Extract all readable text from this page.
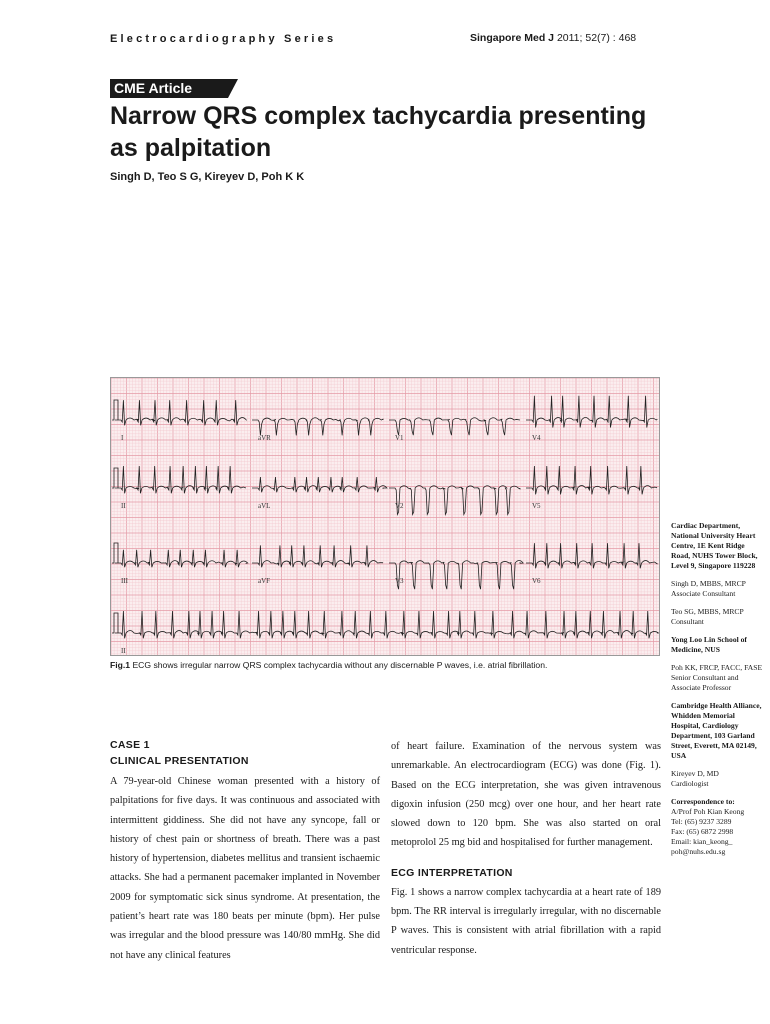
Electrocardiography Series	Singapore Med J 2011; 52(7) : 468
CME Article
Narrow QRS complex tachycardia presenting as palpitation
Singh D, Teo S G, Kireyev D, Poh K K
I	aVR	V1	V4
II	aVL	V2	V5
III	aVF	V3	V6
II
Fig.1 ECG shows irregular narrow QRS complex tachycardia without any discernable P waves, i.e. atrial fibrillation.

CASE 1

CLINICAL PRESENTATION

A 79-year-old Chinese woman presented with a history of palpitations for five days. It was continuous and associated with intermittent giddiness. She did not have any syncope, fall or history of chest pain or shortness of breath. There was a past history of hypertension, diabetes mellitus and transient ischaemic attacks. She had a permanent pacemaker implanted in November 2009 for symptomatic sick sinus syndrome. At presentation, the patient’s heart rate was 180 beats per minute (bpm). Her pulse was irregular and the blood pressure was 140/80 mmHg. She did not have any clinical features

of heart failure. Examination of the nervous system was unremarkable. An electrocardiogram (ECG) was done (Fig. 1). Based on the ECG interpretation, she was given intravenous digoxin infusion (250 mcg) over one hour, and her heart rate slowed down to 120 bpm. She was also started on oral metoprolol 25 mg bid and hospitalised for further management.

ECG INTERPRETATION

Fig. 1 shows a narrow complex tachycardia at a heart rate of 189 bpm. The RR interval is irregularly irregular, with no discernable P waves. This is consistent with atrial fibrillation with a rapid ventricular response.

Cardiac Department, National University Heart Centre, 1E Kent Ridge Road, NUHS Tower Block, Level 9, Singapore 119228
Singh D, MBBS, MRCP
Associate Consultant
Teo SG, MBBS, MRCP
Consultant
Yong Loo Lin School of Medicine, NUS
Poh KK, FRCP, FACC, FASE
Senior Consultant and Associate Professor
Cambridge Health Alliance, Whidden Memorial Hospital, Cardiology Department, 103 Garland Street, Everett, MA 02149, USA
Kireyev D, MD
Cardiologist
Correspondence to:
A/Prof Poh Kian Keong
Tel: (65) 9237 3289
Fax: (65) 6872 2998
Email: kian_keong_ poh@nuhs.edu.sg
